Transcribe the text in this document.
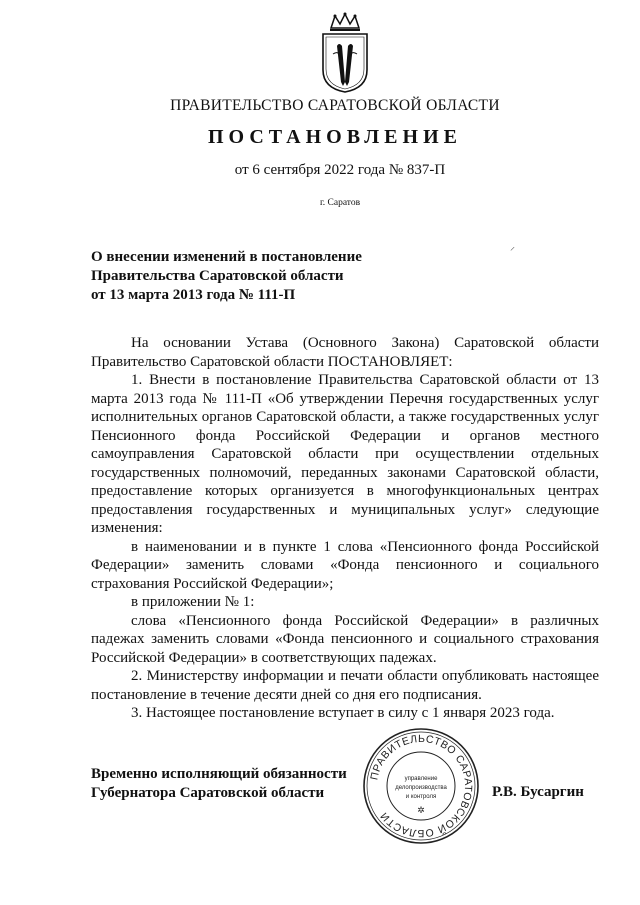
ПРАВИТЕЛЬСТВО САРАТОВСКОЙ ОБЛАСТИ
ПОСТАНОВЛЕНИЕ
от 6 сентября 2022 года № 837-П
г. Саратов
⸍
О внесении изменений в постановление
Правительства Саратовской области
от 13 марта 2013 года № 111-П

На основании Устава (Основного Закона) Саратовской области Правительство Саратовской области ПОСТАНОВЛЯЕТ:

1. Внести в постановление Правительства Саратовской области от 13 марта 2013 года № 111-П «Об утверждении Перечня государственных услуг исполнительных органов Саратовской области, а также государственных услуг Пенсионного фонда Российской Федерации и органов местного самоуправления Саратовской области при осуществлении отдельных государственных полномочий, переданных законами Саратовской области, предоставление которых организуется в многофункциональных центрах предоставления государственных и муниципальных услуг» следующие изменения:

в наименовании и в пункте 1 слова «Пенсионного фонда Российской Федерации» заменить словами «Фонда пенсионного и социального страхования Российской Федерации»;

в приложении № 1:

слова «Пенсионного фонда Российской Федерации» в различных падежах заменить словами «Фонда пенсионного и социального страхования Российской Федерации» в соответствующих падежах.

2. Министерству информации и печати области опубликовать настоящее постановление в течение десяти дней со дня его подписания.

3. Настоящее постановление вступает в силу с 1 января 2023 года.

Временно исполняющий обязанности
Губернатора Саратовской области
ПРАВИТЕЛЬСТВО САРАТОВСКОЙ ОБЛАСТИ
управление
делопроизводства
и контроля
✲
Р.В. Бусаргин
